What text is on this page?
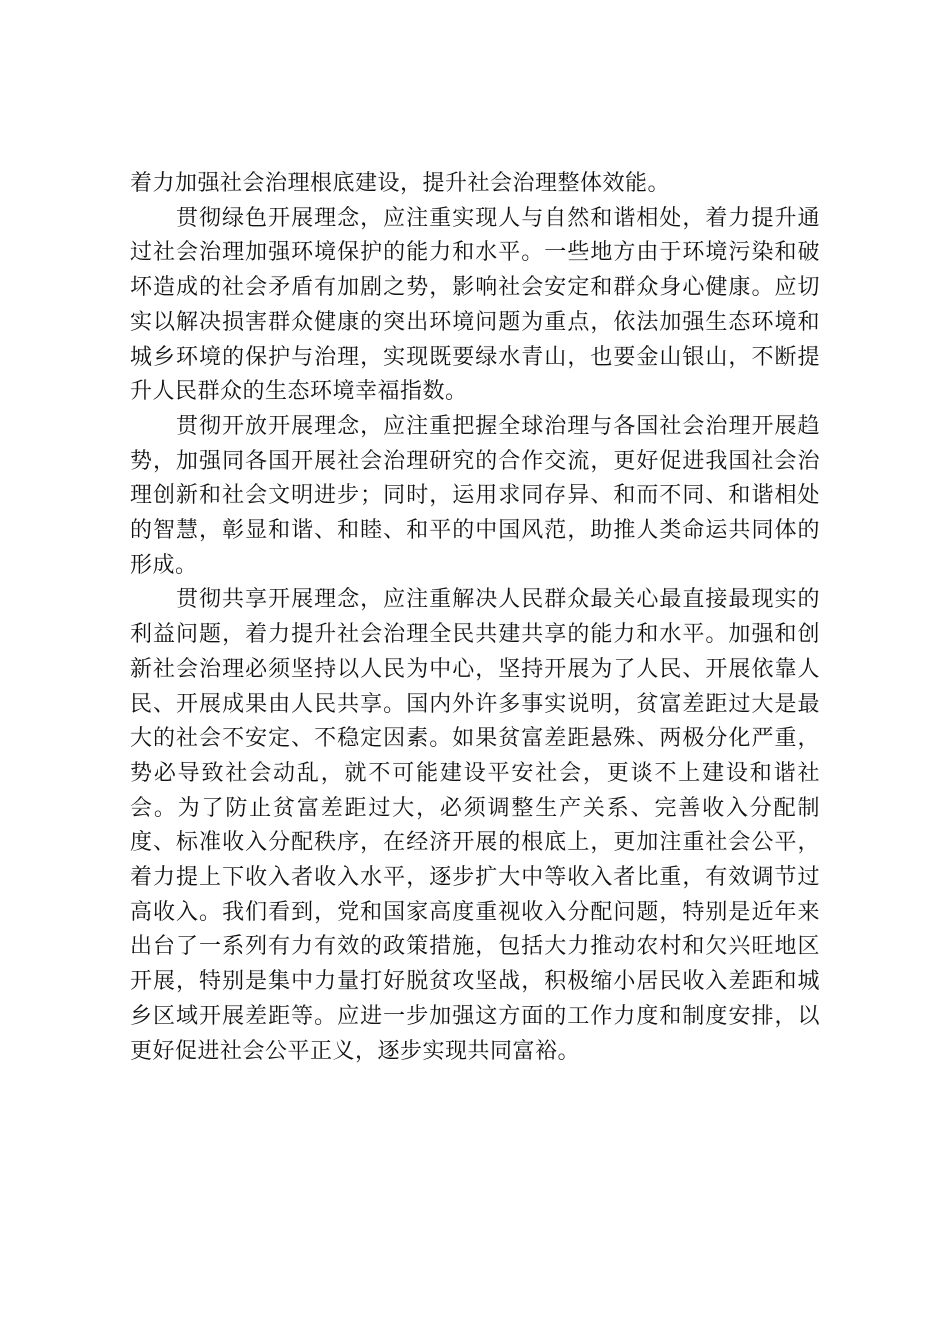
着力加强社会治理根底建设，提升社会治理整体效能。

贯彻绿色开展理念，应注重实现人与自然和谐相处，着力提升通过社会治理加强环境保护的能力和水平。一些地方由于环境污染和破坏造成的社会矛盾有加剧之势，影响社会安定和群众身心健康。应切实以解决损害群众健康的突出环境问题为重点，依法加强生态环境和城乡环境的保护与治理，实现既要绿水青山，也要金山银山，不断提升人民群众的生态环境幸福指数。

贯彻开放开展理念，应注重把握全球治理与各国社会治理开展趋势，加强同各国开展社会治理研究的合作交流，更好促进我国社会治理创新和社会文明进步；同时，运用求同存异、和而不同、和谐相处的智慧，彰显和谐、和睦、和平的中国风范，助推人类命运共同体的形成。

贯彻共享开展理念，应注重解决人民群众最关心最直接最现实的利益问题，着力提升社会治理全民共建共享的能力和水平。加强和创新社会治理必须坚持以人民为中心，坚持开展为了人民、开展依靠人民、开展成果由人民共享。国内外许多事实说明，贫富差距过大是最大的社会不安定、不稳定因素。如果贫富差距悬殊、两极分化严重，势必导致社会动乱，就不可能建设平安社会，更谈不上建设和谐社会。为了防止贫富差距过大，必须调整生产关系、完善收入分配制度、标准收入分配秩序，在经济开展的根底上，更加注重社会公平，着力提上下收入者收入水平，逐步扩大中等收入者比重，有效调节过高收入。我们看到，党和国家高度重视收入分配问题，特别是近年来出台了一系列有力有效的政策措施，包括大力推动农村和欠兴旺地区开展，特别是集中力量打好脱贫攻坚战，积极缩小居民收入差距和城乡区域开展差距等。应进一步加强这方面的工作力度和制度安排，以更好促进社会公平正义，逐步实现共同富裕。
